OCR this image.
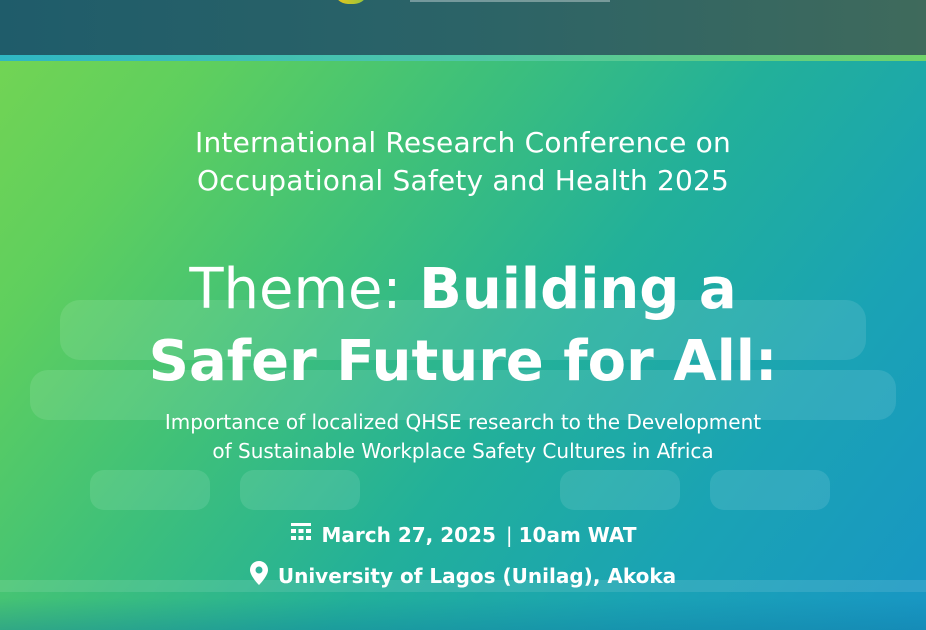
International Research Conference on
Occupational Safety and Health 2025
Theme: Building a
Safer Future for All:
Importance of localized QHSE research to the Development
of Sustainable Workplace Safety Cultures in Africa
March 27, 2025 | 10am WAT
University of Lagos (Unilag), Akoka
